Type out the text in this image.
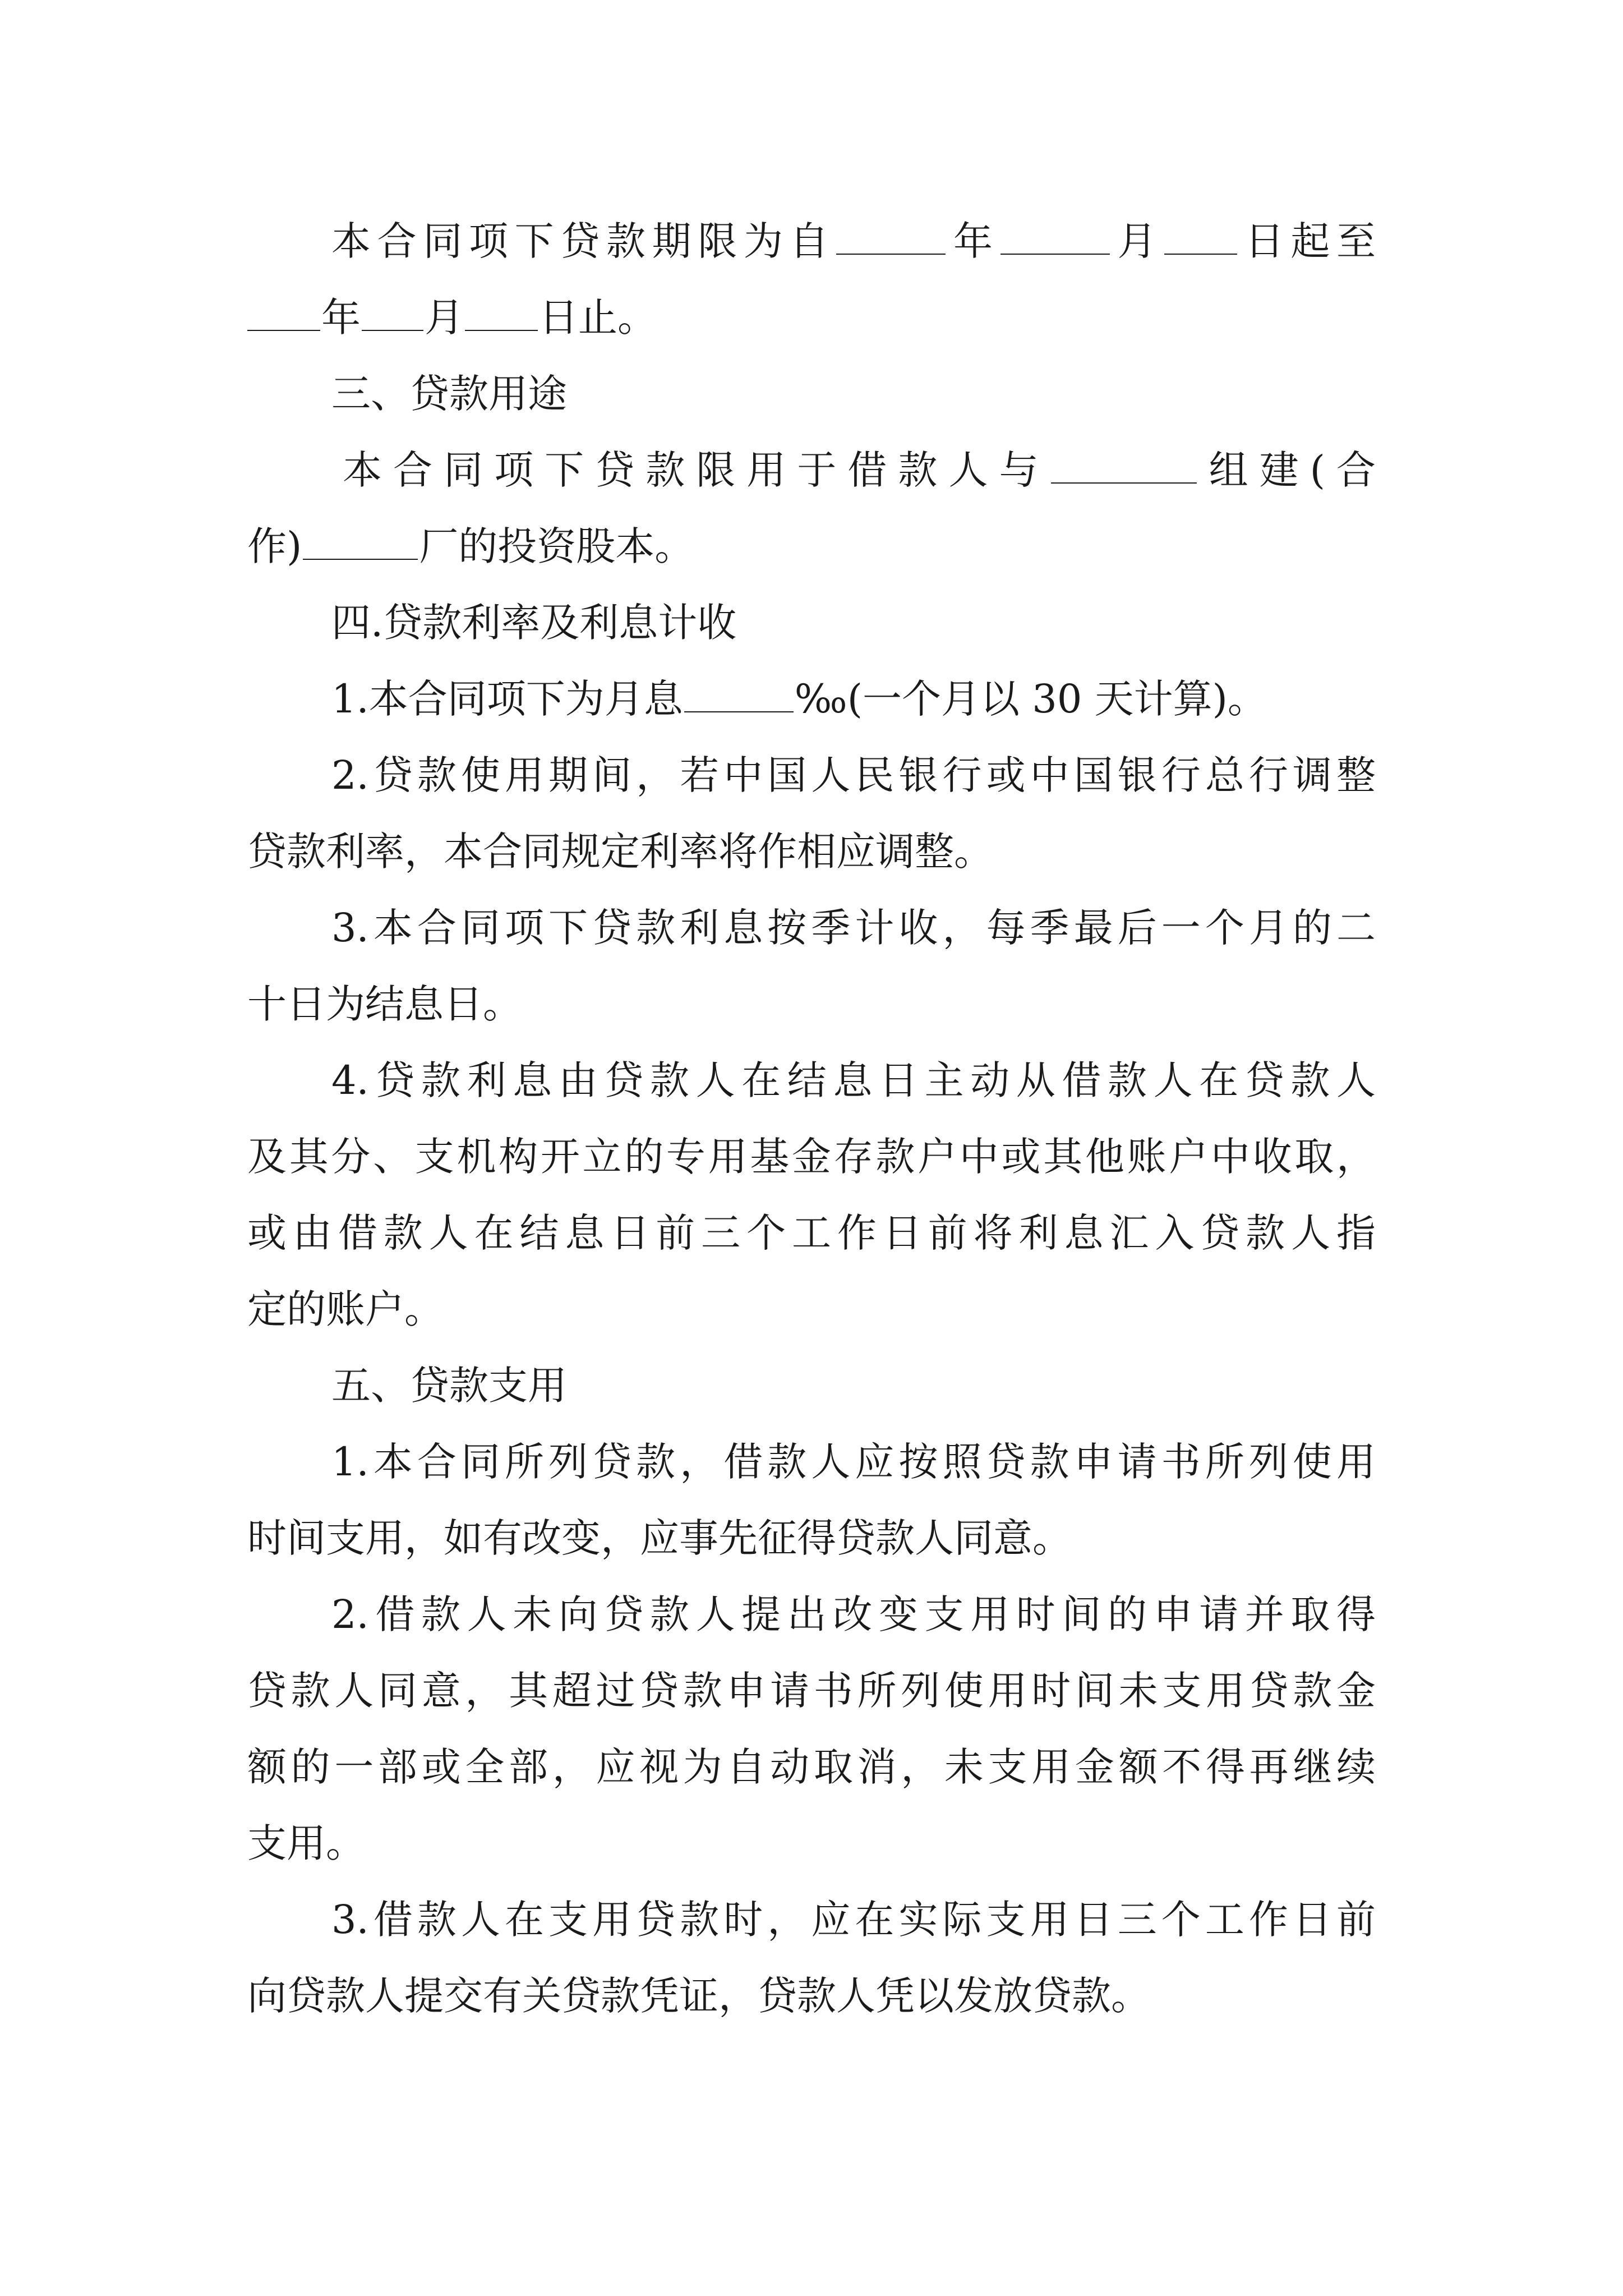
本合同项下贷款期限为自	年	月 日起至
年 月 日止。
三、贷款用途
本合同项下贷款限用于借款人与	组建(合
作)	厂的投资股本。
四.贷款利率及利息计收
1.本合同项下为月息	‰(一个月以 30 天计算)。
2.贷款使用期间，若中国人民银行或中国银行总行调整
贷款利率，本合同规定利率将作相应调整。
3.本合同项下贷款利息按季计收，每季最后一个月的二
十日为结息日。
4.贷款利息由贷款人在结息日主动从借款人在贷款人
及其分、支机构开立的专用基金存款户中或其他账户中收取，
或由借款人在结息日前三个工作日前将利息汇入贷款人指
定的账户。
五、贷款支用
1.本合同所列贷款，借款人应按照贷款申请书所列使用
时间支用，如有改变，应事先征得贷款人同意。
2.借款人未向贷款人提出改变支用时间的申请并取得
贷款人同意，其超过贷款申请书所列使用时间未支用贷款金
额的一部或全部，应视为自动取消，未支用金额不得再继续
支用。
3.借款人在支用贷款时，应在实际支用日三个工作日前
向贷款人提交有关贷款凭证，贷款人凭以发放贷款。
